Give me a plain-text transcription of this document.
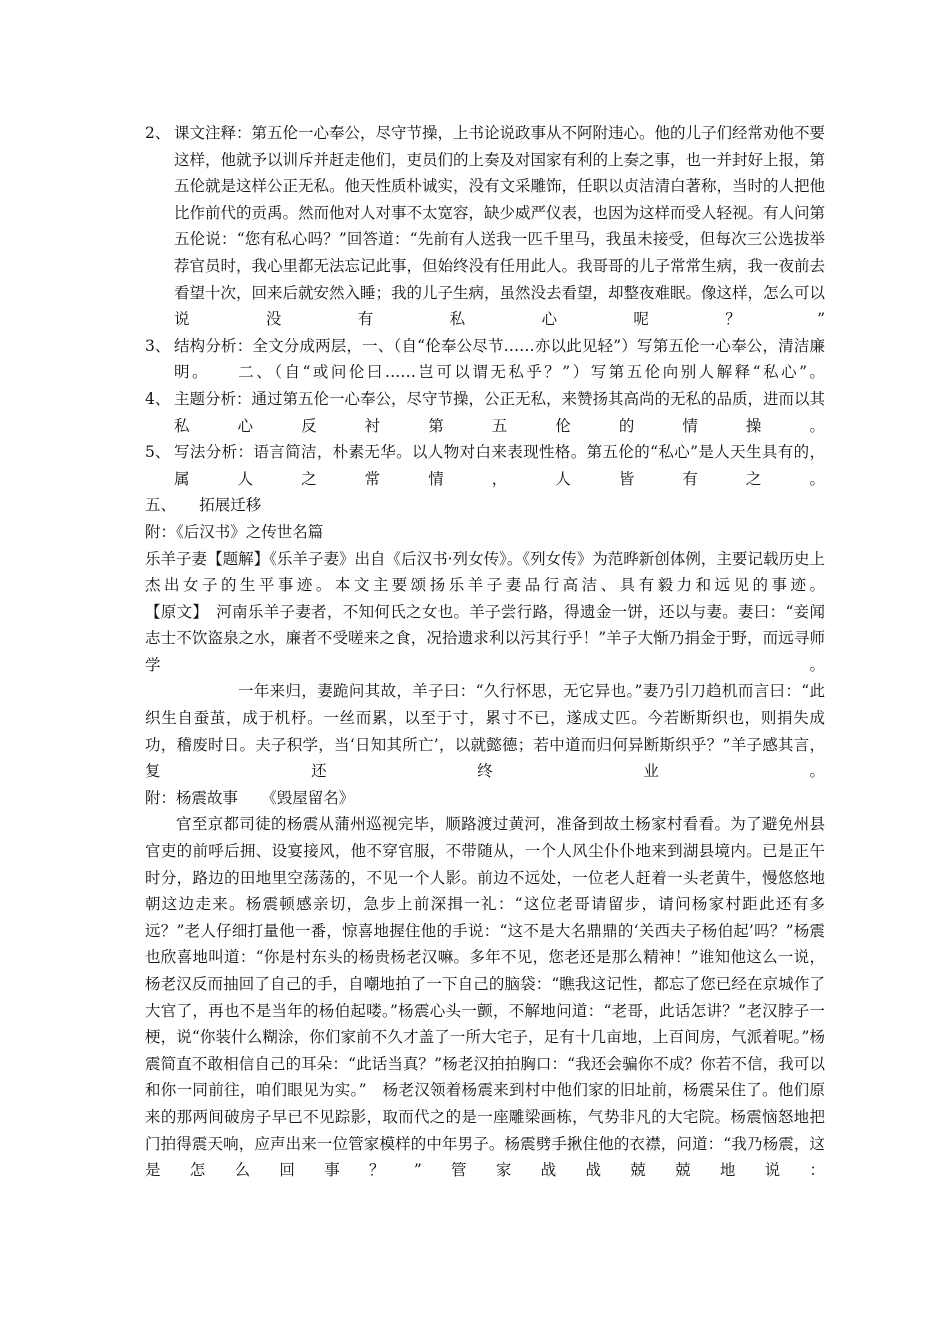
2、 课文注释：第五伦一心奉公，尽守节操，上书论说政事从不阿附违心。他的儿子们经常劝他不要这样，他就予以训斥并赶走他们，吏员们的上奏及对国家有利的上奏之事，也一并封好上报，第五伦就是这样公正无私。他天性质朴诚实，没有文采雕饰，任职以贞洁清白著称，当时的人把他比作前代的贡禹。然而他对人对事不太宽容，缺少威严仪表，也因为这样而受人轻视。有人问第五伦说：“您有私心吗？”回答道：“先前有人送我一匹千里马，我虽未接受，但每次三公选拔举荐官员时，我心里都无法忘记此事，但始终没有任用此人。我哥哥的儿子常常生病，我一夜前去看望十次，回来后就安然入睡；我的儿子生病，虽然没去看望，却整夜难眠。像这样，怎么可以说没有私心呢？”

3、 结构分析：全文分成两层，一、（自“伦奉公尽节……亦以此见轻”）写第五伦一心奉公，清洁廉明。　　二、（自“或问伦曰……岂可以谓无私乎？”）写第五伦向别人解释“私心”。

4、 主题分析：通过第五伦一心奉公，尽守节操，公正无私，来赞扬其高尚的无私的品质，进而以其私心反衬第五伦的情操。

5、 写法分析：语言简洁，朴素无华。以人物对白来表现性格。第五伦的“私心”是人天生具有的，属人之常情，人皆有之。

五、　　拓展迁移

附：《后汉书》之传世名篇

乐羊子妻【题解】《乐羊子妻》出自《后汉书·列女传》。《列女传》为范晔新创体例，主要记载历史上杰出女子的生平事迹。本文主要颂扬乐羊子妻品行高洁、具有毅力和远见的事迹。

【原文】　河南乐羊子妻者，不知何氏之女也。羊子尝行路，得遗金一饼，还以与妻。妻曰：“妾闻志士不饮盗泉之水，廉者不受嗟来之食，况拾遗求利以污其行乎！”羊子大惭乃捐金于野，而远寻师学。

一年来归，妻跪问其故，羊子曰：“久行怀思，无它异也。”妻乃引刀趋机而言曰：“此织生自蚕茧，成于机杼。一丝而累，以至于寸，累寸不已，遂成丈匹。今若断斯织也，则捐失成功，稽废时日。夫子积学，当‘日知其所亡’，以就懿德；若中道而归何异断斯织乎？”羊子感其言，复还终业。

附：杨震故事　　《毁屋留名》

官至京都司徒的杨震从蒲州巡视完毕，顺路渡过黄河，准备到故土杨家村看看。为了避免州县官吏的前呼后拥、设宴接风，他不穿官服，不带随从，一个人风尘仆仆地来到湖县境内。已是正午时分，路边的田地里空荡荡的，不见一个人影。前边不远处，一位老人赶着一头老黄牛，慢悠悠地朝这边走来。杨震顿感亲切，急步上前深揖一礼：“这位老哥请留步，请问杨家村距此还有多远？”老人仔细打量他一番，惊喜地握住他的手说：“这不是大名鼎鼎的‘关西夫子杨伯起’吗？”杨震也欣喜地叫道：“你是村东头的杨贵杨老汉嘛。多年不见，您老还是那么精神！”谁知他这么一说，杨老汉反而抽回了自己的手，自嘲地拍了一下自己的脑袋：“瞧我这记性，都忘了您已经在京城作了大官了，再也不是当年的杨伯起喽。”杨震心头一颤，不解地问道：“老哥，此话怎讲？”老汉脖子一梗，说“你装什么糊涂，你们家前不久才盖了一所大宅子，足有十几亩地，上百间房，气派着呢。”杨震简直不敢相信自己的耳朵：“此话当真？”杨老汉拍拍胸口：“我还会骗你不成？你若不信，我可以和你一同前往，咱们眼见为实。”　杨老汉领着杨震来到村中他们家的旧址前，杨震呆住了。他们原来的那两间破房子早已不见踪影，取而代之的是一座雕梁画栋，气势非凡的大宅院。杨震恼怒地把门拍得震天响，应声出来一位管家模样的中年男子。杨震劈手揪住他的衣襟，问道：“我乃杨震，这是怎么回事？”管家战战兢兢地说：
